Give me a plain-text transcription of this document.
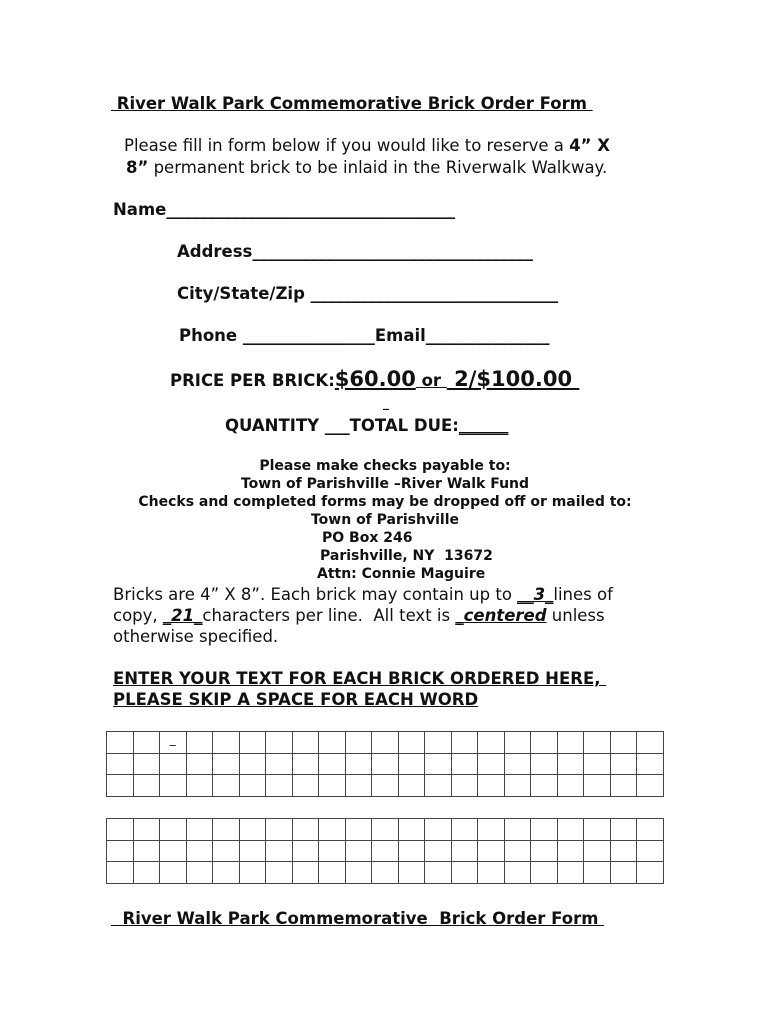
River Walk Park Commemorative Brick Order Form
Please fill in form below if you would like to reserve a 4” X
8” permanent brick to be inlaid in the Riverwalk Walkway.
Name___________________________________
Address__________________________________
City/State/Zip ______________________________
Phone ________________Email_______________
PRICE PER BRICK:$60.00 or  2/$100.00
_
QUANTITY ___TOTAL DUE:______
Please make checks payable to:
Town of Parishville –River Walk Fund
Checks and completed forms may be dropped off or mailed to:
Town of Parishville
PO Box 246
Parishville, NY  13672
Attn: Connie Maguire
Bricks are 4” X 8”. Each brick may contain up to __3_lines of
copy, _21_characters per line.  All text is _centered unless
otherwise specified.
ENTER YOUR TEXT FOR EACH BRICK ORDERED HERE,
PLEASE SKIP A SPACE FOR EACH WORD
		_																		

River Walk Park Commemorative  Brick Order Form
